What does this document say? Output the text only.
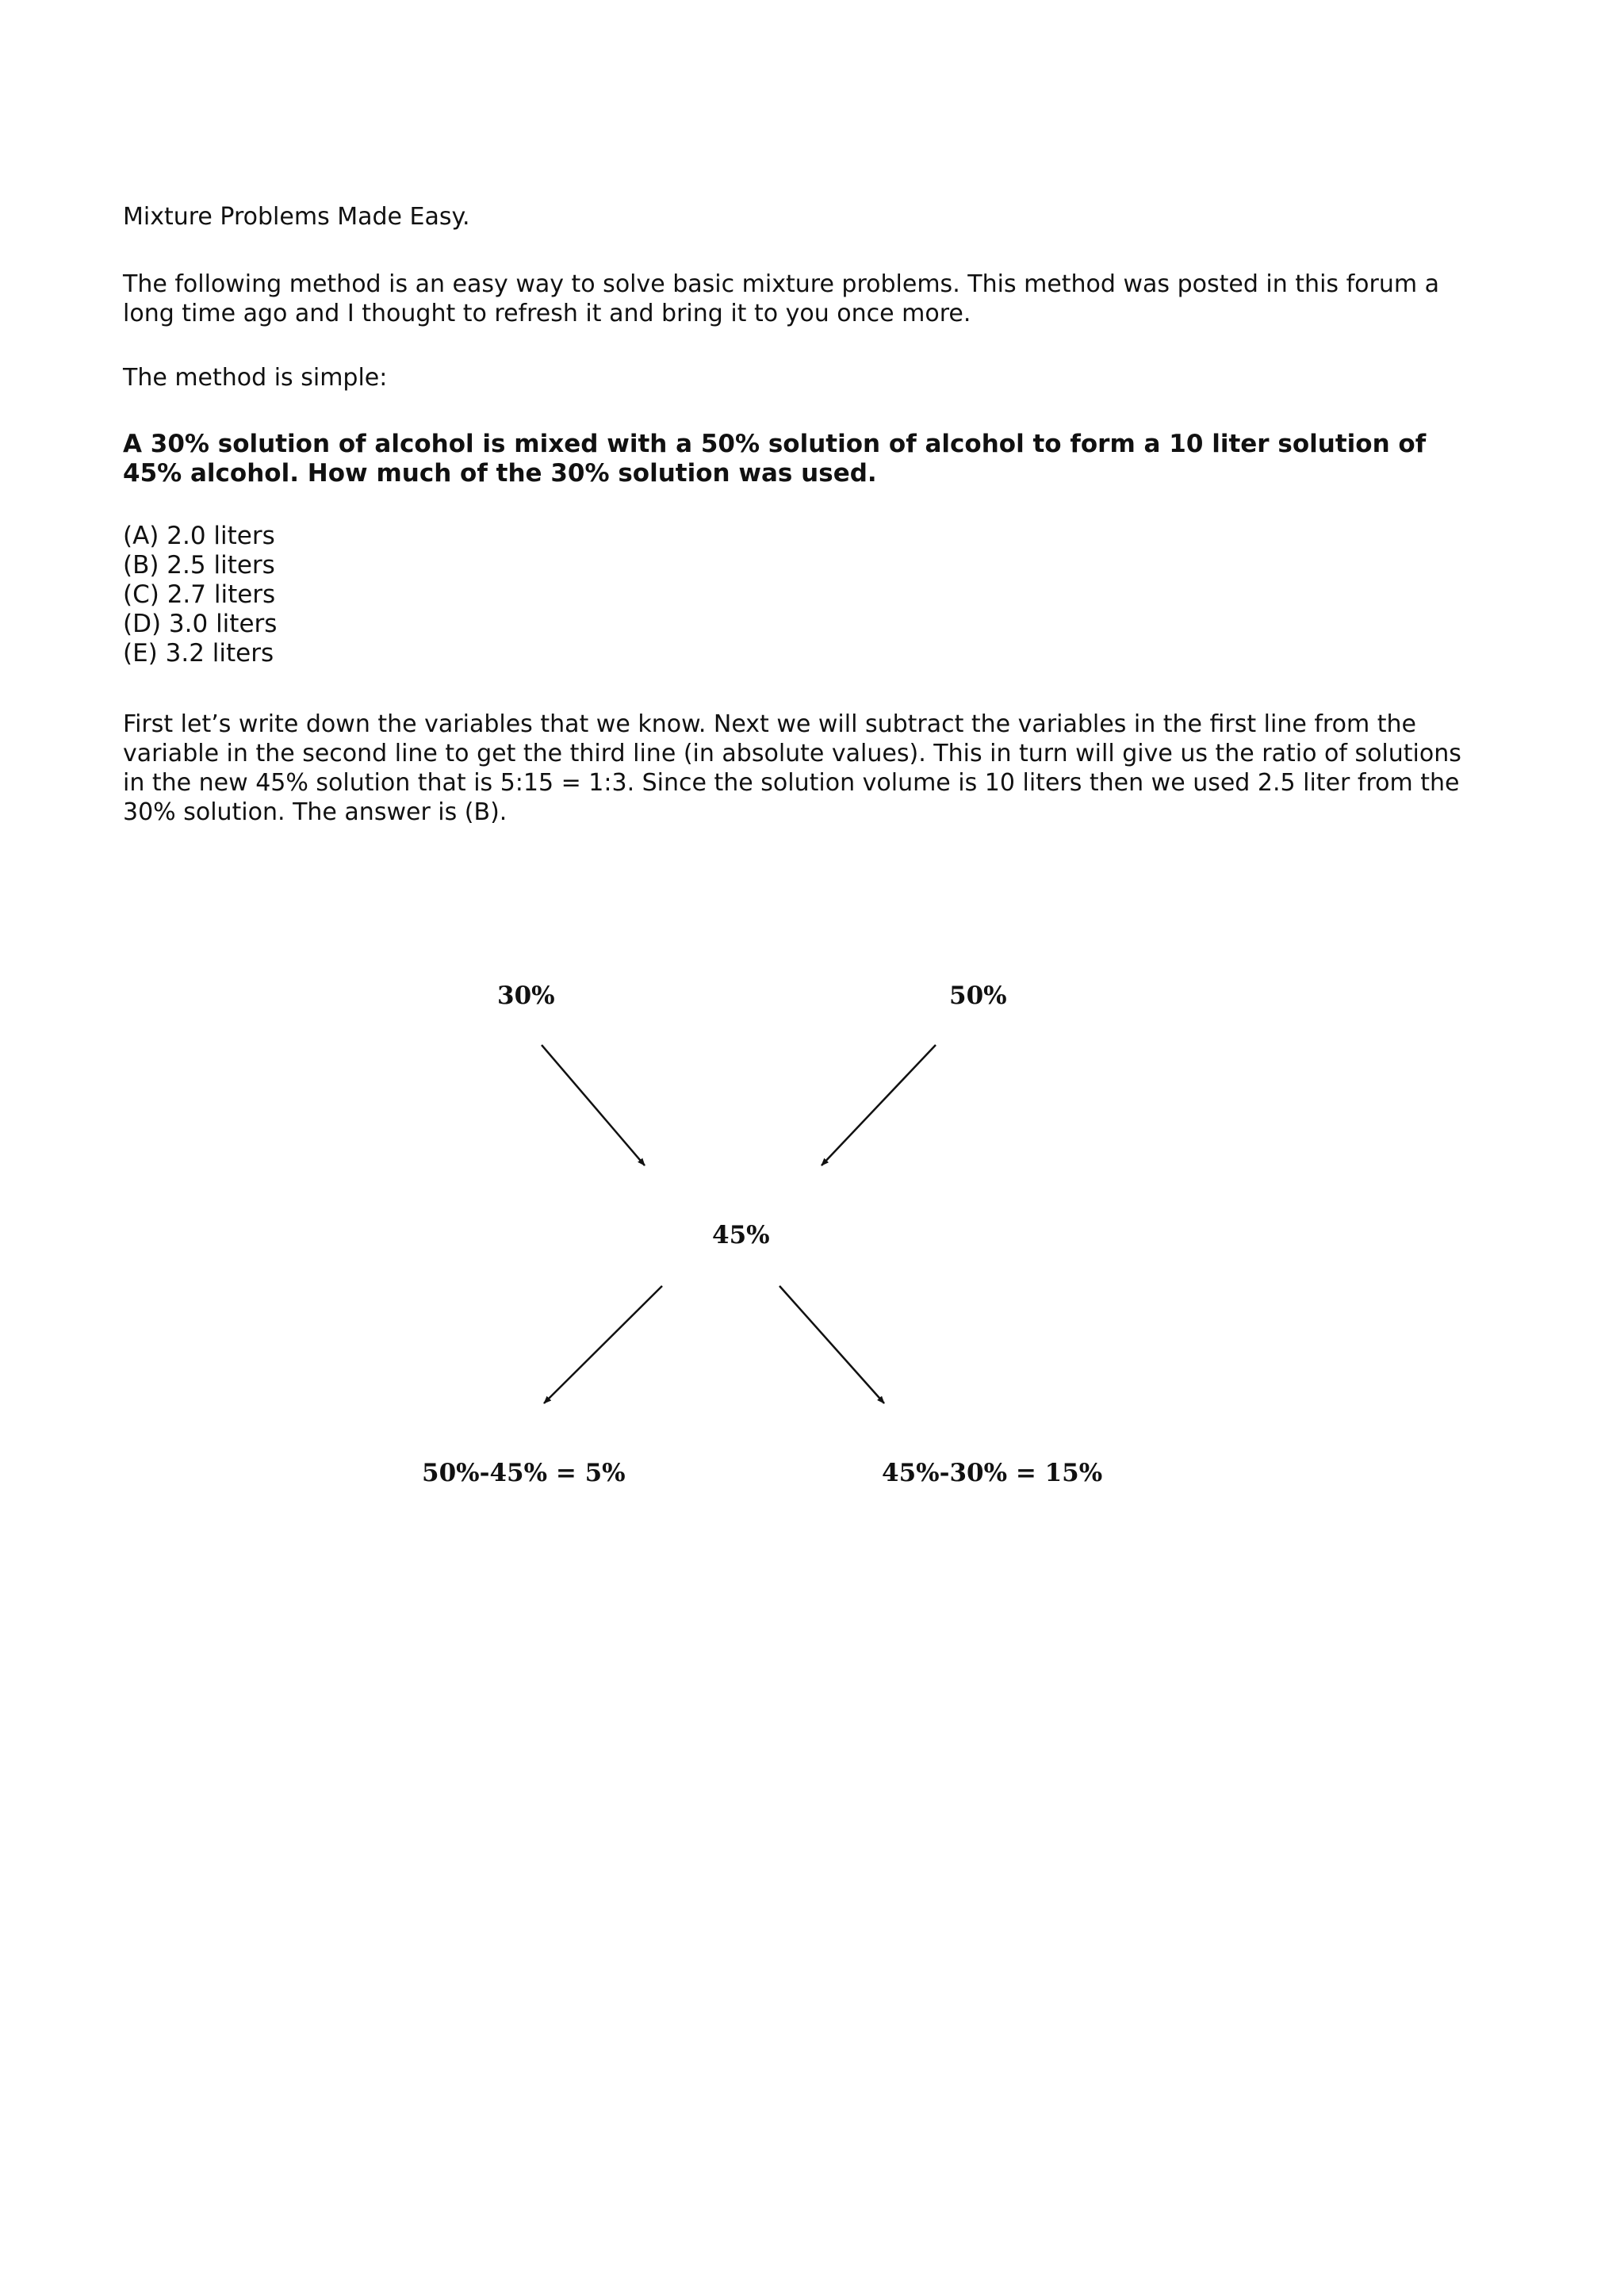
Mixture Problems Made Easy.

The following method is an easy way to solve basic mixture problems. This method was posted in this forum a long time ago and I thought to refresh it and bring it to you once more.

The method is simple:

A 30% solution of alcohol is mixed with a 50% solution of alcohol to form a 10 liter solution of 45% alcohol. How much of the 30% solution was used.

(A) 2.0 liters
(B) 2.5 liters
(C) 2.7 liters
(D) 3.0 liters
(E) 3.2 liters

First let’s write down the variables that we know. Next we will subtract the variables in the first line from the variable in the second line to get the third line (in absolute values). This in turn will give us the ratio of solutions in the new 45% solution that is 5:15 = 1:3. Since the solution volume is 10 liters then we used 2.5 liter from the 30% solution. The answer is (B).

30%	50%
45%
50%-45% = 5%	45%-30% = 15%
